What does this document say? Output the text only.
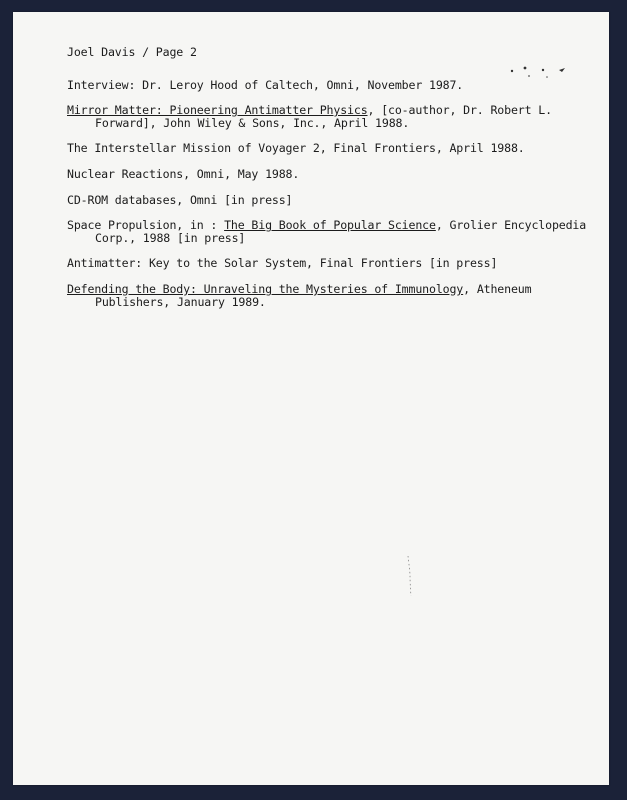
Joel Davis / Page 2
Interview: Dr. Leroy Hood of Caltech, Omni, November 1987.
Mirror Matter: Pioneering Antimatter Physics, [co-author, Dr. Robert L. Forward], John Wiley & Sons, Inc., April 1988.
The Interstellar Mission of Voyager 2, Final Frontiers, April 1988.
Nuclear Reactions, Omni, May 1988.
CD-ROM databases, Omni [in press]
Space Propulsion, in : The Big Book of Popular Science, Grolier Encyclopedia Corp., 1988 [in press]
Antimatter: Key to the Solar System, Final Frontiers [in press]
Defending the Body: Unraveling the Mysteries of Immunology, Atheneum Publishers, January 1989.
